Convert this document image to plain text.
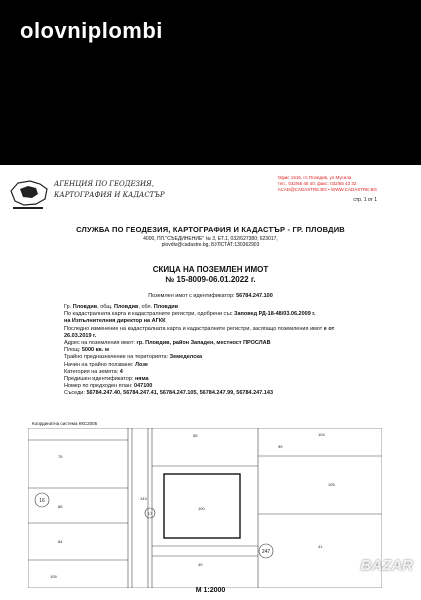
olovniplombi
АГЕНЦИЯ ПО ГЕОДЕЗИЯ,
КАРТОГРАФИЯ И КАДАСТЪР
Офис 1616, гл.Пловдив, ул.Мусала
тел.: 032/65 45 40; факс: 032/65 43 32
ACAD@CADASTRE.BG • WWW.CADASTRE.BG
стр. 1 от 1
СЛУЖБА ПО ГЕОДЕЗИЯ, КАРТОГРАФИЯ И КАДАСТЪР - ГР. ПЛОВДИВ
4000, ПЛ."СЪЕДИНЕНИЕ" № 3, ЕТ.1, 032/627380; 623017,
plovdiv@cadastre.bg, БУЛСТАТ:130362903
СКИЦА НА ПОЗЕМЛЕН ИМОТ
№ 15-8009-06.01.2022 г.
Поземлен имот с идентификатор: 56784.247.100
Гр. Пловдив, общ. Пловдив, обл. Пловдив
По кадастралната карта и кадастралните регистри, одобрени със Заповед РД-18-48/03.06.2009 г.
на Изпълнителния директор на АГКК
Последно изменение на кадастралната карта и кадастралните регистри, засягащо поземления имот е от
26.03.2019 г.
Адрес на поземления имот: гр. Пловдив, район Западен, местност ПРОСЛАВ
Площ: 5000 кв. м
Трайно предназначение на територията: Земеделска
Начин на трайно ползване: Лозе
Категория на земята: 4
Предишен идентификатор: няма
Номер по предходен план: 047100
Съседи: 56784.247.40, 56784.247.41, 56784.247.105, 56784.247.99, 56784.247.143
Координатна система ККС2005
75
55	104
99
105
85	100
84
41
40
105
143
16
247
17
М 1:2000
BAZAR
